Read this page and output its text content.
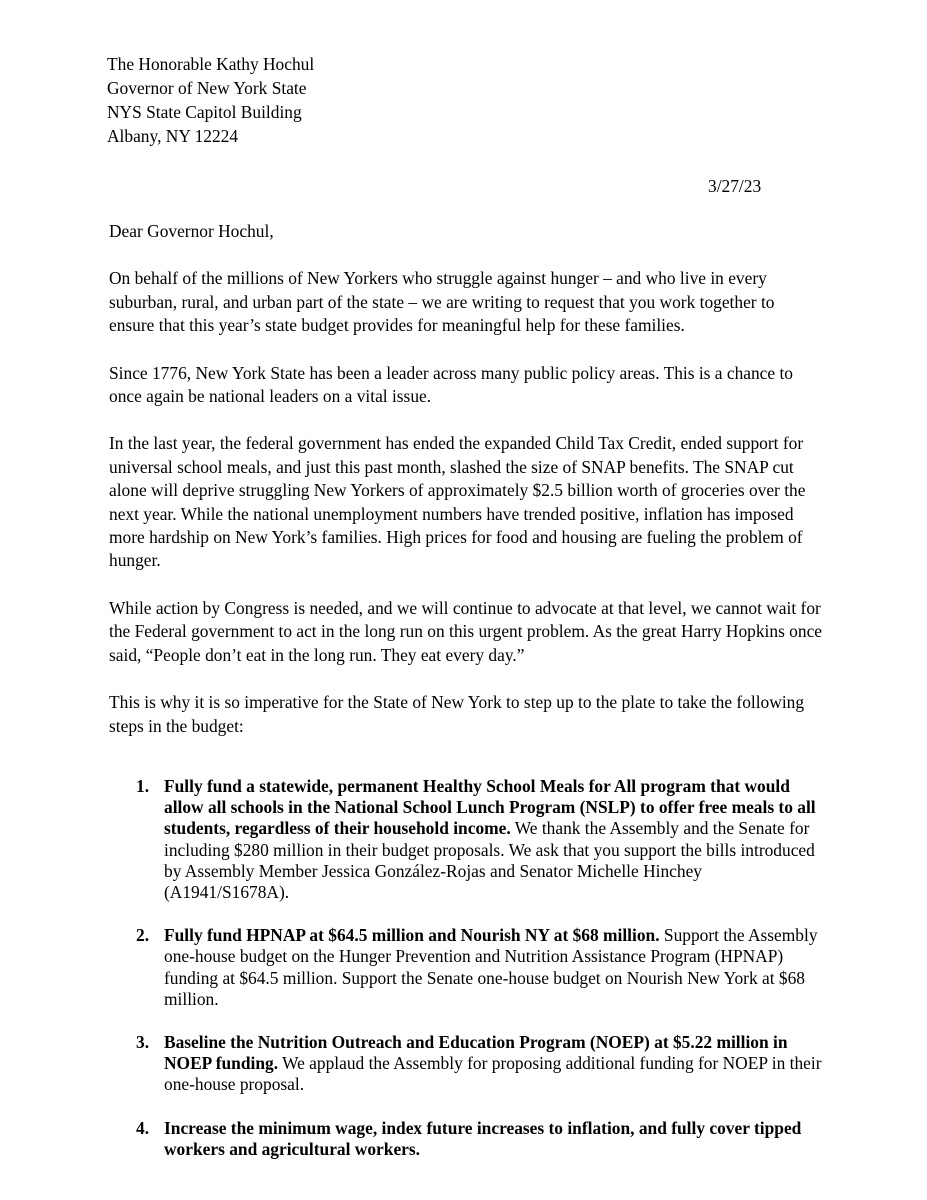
The Honorable Kathy Hochul
Governor of New York State
NYS State Capitol Building
Albany, NY 12224
3/27/23

Dear Governor Hochul,

On behalf of the millions of New Yorkers who struggle against hunger – and who live in every suburban, rural, and urban part of the state – we are writing to request that you work together to ensure that this year’s state budget provides for meaningful help for these families.

Since 1776, New York State has been a leader across many public policy areas. This is a chance to once again be national leaders on a vital issue.

In the last year, the federal government has ended the expanded Child Tax Credit, ended support for universal school meals, and just this past month, slashed the size of SNAP benefits. The SNAP cut alone will deprive struggling New Yorkers of approximately $2.5 billion worth of groceries over the next year. While the national unemployment numbers have trended positive, inflation has imposed more hardship on New York’s families. High prices for food and housing are fueling the problem of hunger.

While action by Congress is needed, and we will continue to advocate at that level, we cannot wait for the Federal government to act in the long run on this urgent problem. As the great Harry Hopkins once said, “People don’t eat in the long run. They eat every day.”

This is why it is so imperative for the State of New York to step up to the plate to take the following steps in the budget:

1. Fully fund a statewide, permanent Healthy School Meals for All program that would allow all schools in the National School Lunch Program (NSLP) to offer free meals to all students, regardless of their household income. We thank the Assembly and the Senate for including $280 million in their budget proposals. We ask that you support the bills introduced by Assembly Member Jessica González-Rojas and Senator Michelle Hinchey (A1941/S1678A).
2. Fully fund HPNAP at $64.5 million and Nourish NY at $68 million. Support the Assembly one-house budget on the Hunger Prevention and Nutrition Assistance Program (HPNAP) funding at $64.5 million. Support the Senate one-house budget on Nourish New York at $68 million.
3. Baseline the Nutrition Outreach and Education Program (NOEP) at $5.22 million in NOEP funding. We applaud the Assembly for proposing additional funding for NOEP in their one-house proposal.
4. Increase the minimum wage, index future increases to inflation, and fully cover tipped workers and agricultural workers.
